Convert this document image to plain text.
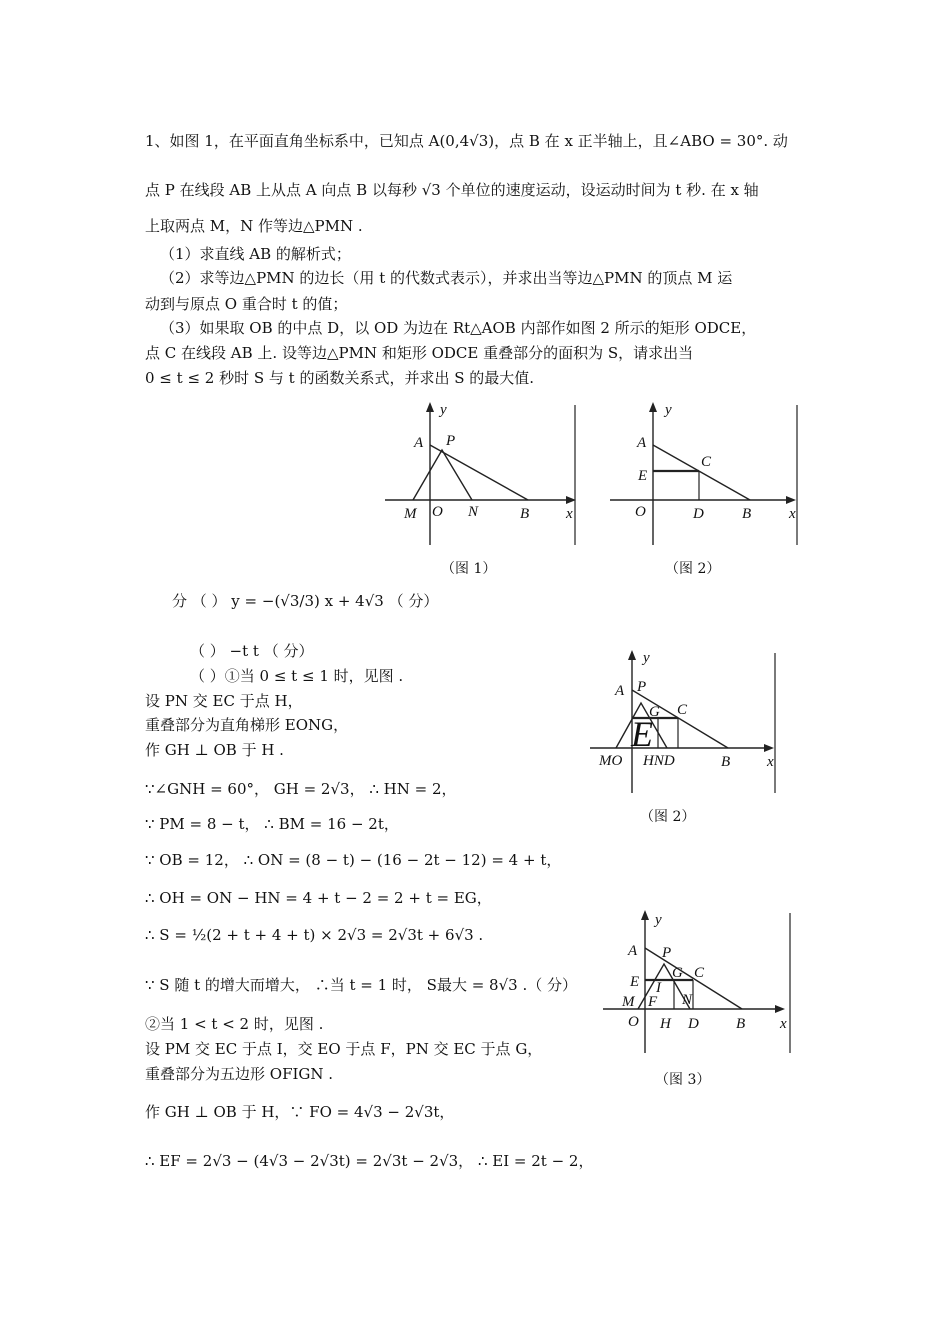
1、如图 1，在平面直角坐标系中，已知点 A(0,4√3)，点 B 在 x 正半轴上，且∠ABO = 30°. 动
点 P 在线段 AB 上从点 A 向点 B 以每秒 √3 个单位的速度运动，设运动时间为 t 秒. 在 x 轴
上取两点 M，N 作等边△PMN .
（1）求直线 AB 的解析式；
（2）求等边△PMN 的边长（用 t 的代数式表示），并求出当等边△PMN 的顶点 M 运
动到与原点 O 重合时 t 的值；
（3）如果取 OB 的中点 D，以 OD 为边在 Rt△AOB 内部作如图 2 所示的矩形 ODCE，
点 C 在线段 AB 上. 设等边△PMN 和矩形 ODCE 重叠部分的面积为 S，请求出当
0 ≤ t ≤ 2 秒时 S 与 t 的函数关系式，并求出 S 的最大值.
y
A P
M O N	B x
（图 1）
y
A
C
E
O	D	B	x
（图 2）
分 （ ） y = −(√3/3) x + 4√3 （ 分）
（ ） −t t （ 分）
（ ）①当 0 ≤ t ≤ 1 时，见图 .
设 PN 交 EC 于点 H，
重叠部分为直角梯形 EONG，
作 GH ⊥ OB 于 H .
∵∠GNH = 60°， GH = 2√3， ∴ HN = 2，
∵ PM = 8 − t， ∴ BM = 16 − 2t，
∵ OB = 12， ∴ ON = (8 − t) − (16 − 2t − 12) = 4 + t，
∴ OH = ON − HN = 4 + t − 2 = 2 + t = EG，
∴ S = ½(2 + t + 4 + t) × 2√3 = 2√3t + 6√3 .
∵ S 随 t 的增大而增大， ∴当 t = 1 时， S最大 = 8√3 .（ 分）
②当 1 < t < 2 时，见图 .
设 PM 交 EC 于点 I，交 EO 于点 F，PN 交 EC 于点 G，
重叠部分为五边形 OFIGN .
作 GH ⊥ OB 于 H，∵ FO = 4√3 − 2√3t，
∴ EF = 2√3 − (4√3 − 2√3t) = 2√3t − 2√3， ∴ EI = 2t − 2，
y
A P
G C
E
MO HND	B x
（图 2）
y
A P
G C
E I
M F N
O H D B x
（图 3）
